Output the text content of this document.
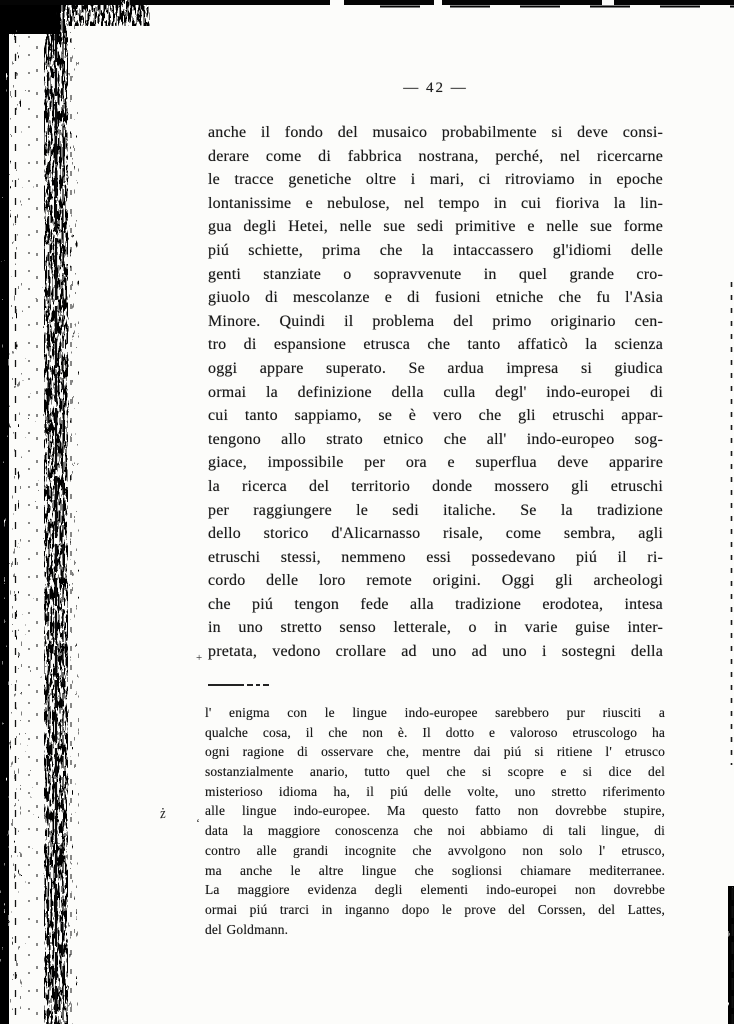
— 42 —
anche il fondo del musaico probabilmente si deve consi-
derare come di fabbrica nostrana, perché, nel ricercarne
le tracce genetiche oltre i mari, ci ritroviamo in epoche
lontanissime e nebulose, nel tempo in cui fioriva la lin-
gua degli Hetei, nelle sue sedi primitive e nelle sue forme
piú schiette, prima che la intaccassero gl'idiomi delle
genti stanziate o sopravvenute in quel grande cro-
giuolo di mescolanze e di fusioni etniche che fu l'Asia
Minore. Quindi il problema del primo originario cen-
tro di espansione etrusca che tanto affaticò la scienza
oggi appare superato. Se ardua impresa si giudica
ormai la definizione della culla degl' indo-europei di
cui tanto sappiamo, se è vero che gli etruschi appar-
tengono allo strato etnico che all' indo-europeo sog-
giace, impossibile per ora e superflua deve apparire
la ricerca del territorio donde mossero gli etruschi
per raggiungere le sedi italiche. Se la tradizione
dello storico d'Alicarnasso risale, come sembra, agli
etruschi stessi, nemmeno essi possedevano piú il ri-
cordo delle loro remote origini. Oggi gli archeologi
che piú tengon fede alla tradizione erodotea, intesa
in uno stretto senso letterale, o in varie guise inter-
pretata, vedono crollare ad uno ad uno i sostegni della
+
ż
‘
l' enigma con le lingue indo-europee sarebbero pur riusciti a
qualche cosa, il che non è. Il dotto e valoroso etruscologo ha
ogni ragione di osservare che, mentre dai piú si ritiene l' etrusco
sostanzialmente anario, tutto quel che si scopre e si dice del
misterioso idioma ha, il piú delle volte, uno stretto riferimento
alle lingue indo-europee. Ma questo fatto non dovrebbe stupire,
data la maggiore conoscenza che noi abbiamo di tali lingue, di
contro alle grandi incognite che avvolgono non solo l' etrusco,
ma anche le altre lingue che soglionsi chiamare mediterranee.
La maggiore evidenza degli elementi indo-europei non dovrebbe
ormai piú trarci in inganno dopo le prove del Corssen, del Lattes,
del Goldmann.
